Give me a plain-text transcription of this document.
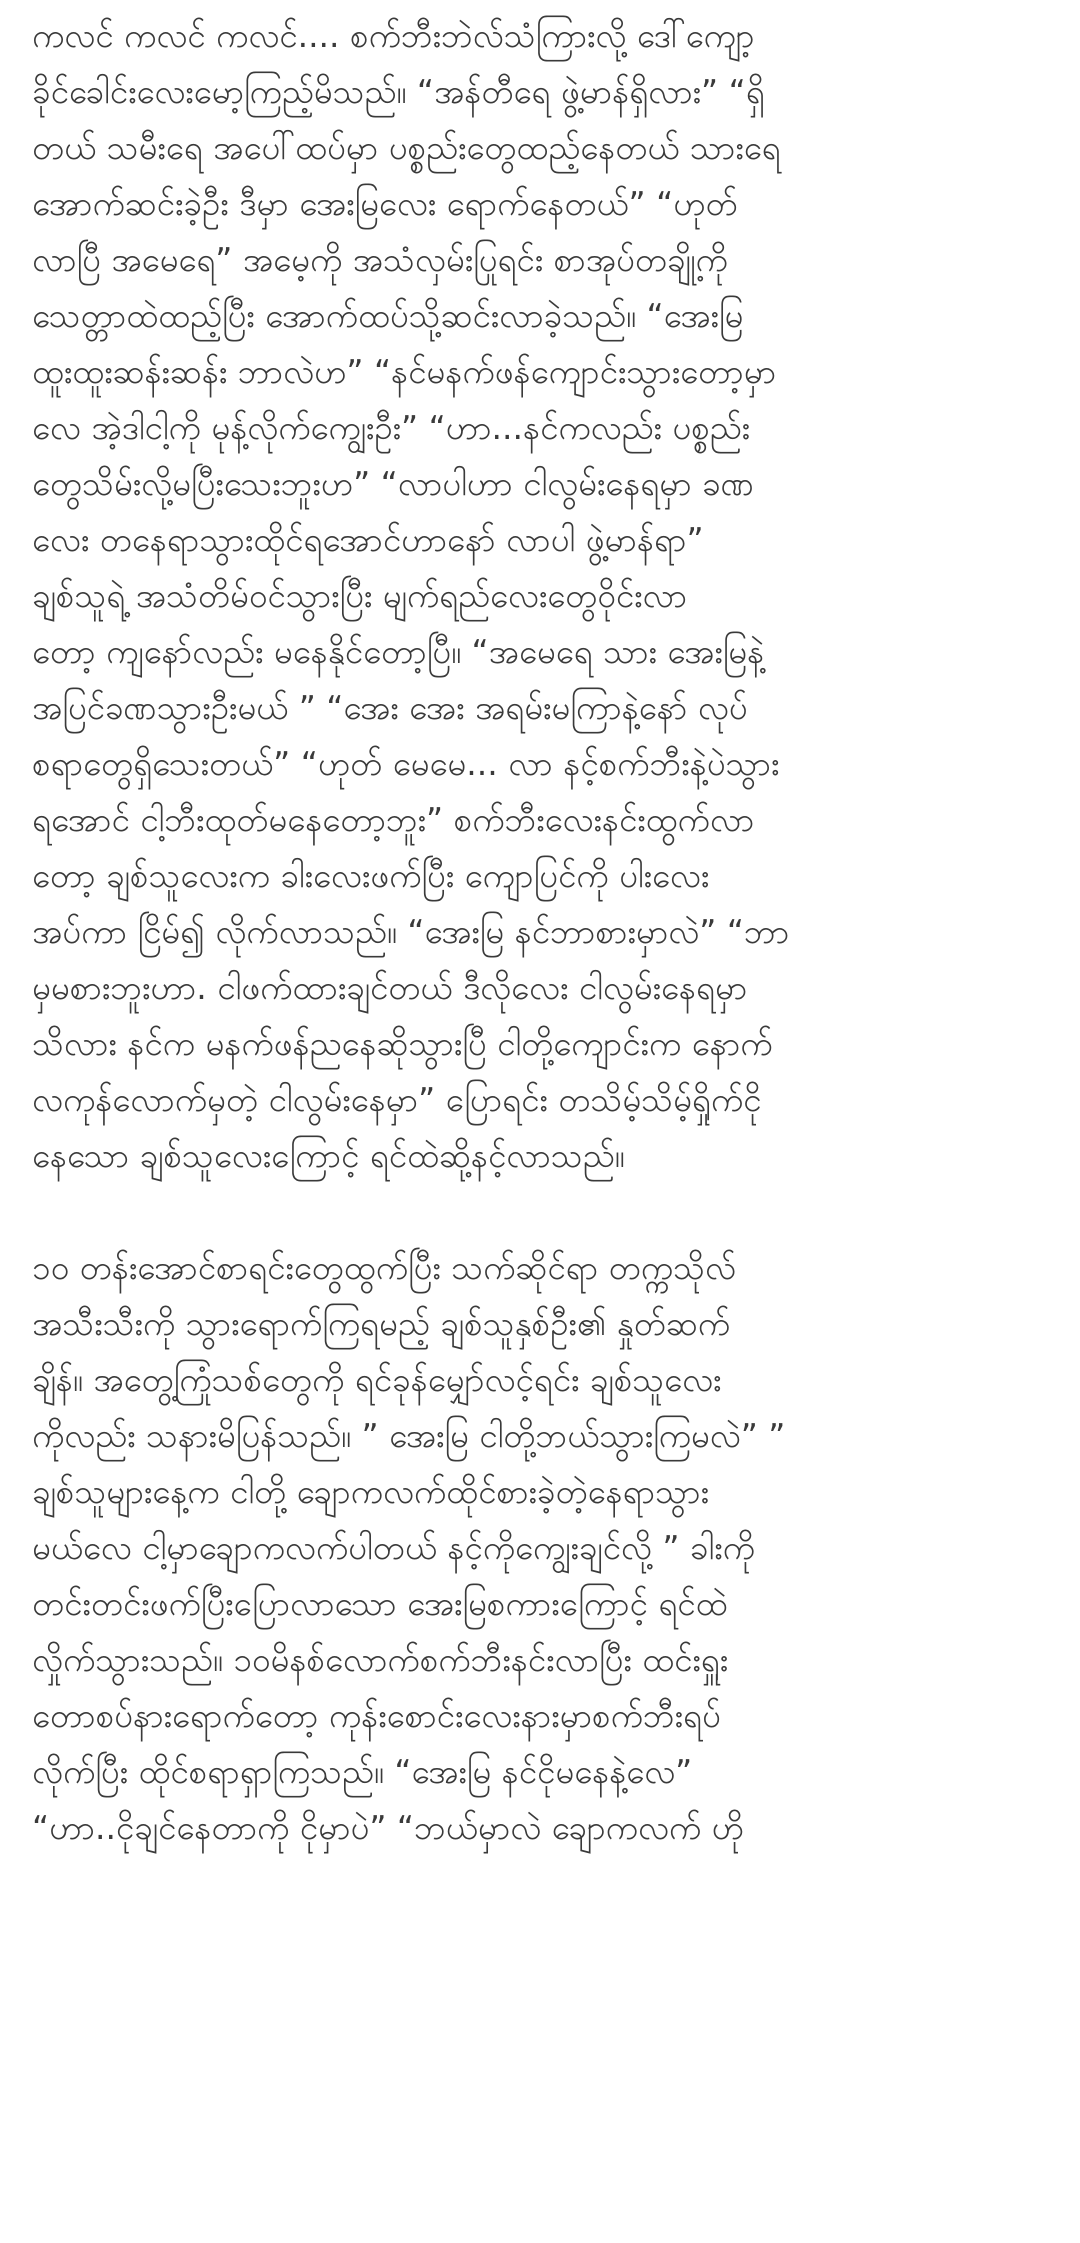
ကလင် ကလင် ကလင်.... စက်ဘီးဘဲလ်သံကြားလို့ ဒေါ်ကျော့
ခိုင်ခေါင်းလေးမော့ကြည့်မိသည်။ “အန်တီရေ ဖွဲ့မာန်ရှိလား” “ရှိ
တယ် သမီးရေ အပေါ်ထပ်မှာ ပစ္စည်းတွေထည့်နေတယ် သားရေ
အောက်ဆင်းခဲ့ဦး ဒီမှာ အေးမြလေး ရောက်နေတယ်” “ဟုတ်
လာပြီ အမေရေ” အမေ့ကို အသံလှမ်းပြုရင်း စာအုပ်တချို့ကို
သေတ္တာထဲထည့်ပြီး အောက်ထပ်သို့ဆင်းလာခဲ့သည်။ “အေးမြ
ထူးထူးဆန်းဆန်း ဘာလဲဟ” “နင်မနက်ဖန်ကျောင်းသွားတော့မှာ
လေ အဲ့ဒါငါ့ကို မုန့်လိုက်ကျွေးဦး” “ဟာ...နင်ကလည်း ပစ္စည်း
တွေသိမ်းလို့မပြီးသေးဘူးဟ” “လာပါဟာ ငါလွမ်းနေရမှာ ခဏ
လေး တနေရာသွားထိုင်ရအောင်ဟာနော် လာပါ ဖွဲ့မာန်ရာ”
ချစ်သူရဲ့ အသံတိမ်ဝင်သွားပြီး မျက်ရည်လေးတွေဝိုင်းလာ
တော့ ကျနော်လည်း မနေနိုင်တော့ပြီ။ “အမေရေ သား အေးမြနဲ့
အပြင်ခဏသွားဦးမယ် ” “အေး အေး အရမ်းမကြာနဲ့နော် လုပ်
စရာတွေရှိသေးတယ်” “ဟုတ် မေမေ... လာ နင့်စက်ဘီးနဲ့ပဲသွား
ရအောင် ငါ့ဘီးထုတ်မနေတော့ဘူး” စက်ဘီးလေးနင်းထွက်လာ
တော့ ချစ်သူလေးက ခါးလေးဖက်ပြီး ကျောပြင်ကို ပါးလေး
အပ်ကာ ငြိမ်၍ လိုက်လာသည်။ “အေးမြ နင်ဘာစားမှာလဲ” “ဘာ
မှမစားဘူးဟာ. ငါဖက်ထားချင်တယ် ဒီလိုလေး ငါလွမ်းနေရမှာ
သိလား နင်က မနက်ဖန်ညနေဆိုသွားပြီ ငါတို့ကျောင်းက နောက်
လကုန်လောက်မှတဲ့ ငါလွမ်းနေမှာ” ပြောရင်း တသိမ့်သိမ့်ရှိုက်ငို
နေသော ချစ်သူလေးကြောင့် ရင်ထဲဆို့နင့်လာသည်။

၁၀ တန်းအောင်စာရင်းတွေထွက်ပြီး သက်ဆိုင်ရာ တက္ကသိုလ်
အသီးသီးကို သွားရောက်ကြရမည့် ချစ်သူနှစ်ဦး၏ နှုတ်ဆက်
ချိန်။ အတွေ့ကြုံသစ်တွေကို ရင်ခုန်မျှော်လင့်ရင်း ချစ်သူလေး
ကိုလည်း သနားမိပြန်သည်။ ” အေးမြ ငါတို့ဘယ်သွားကြမလဲ” ”
ချစ်သူများနေ့က ငါတို့ ချောကလက်ထိုင်စားခဲ့တဲ့နေရာသွား
မယ်လေ ငါ့မှာချောကလက်ပါတယ် နင့်ကိုကျွေးချင်လို့ ” ခါးကို
တင်းတင်းဖက်ပြီးပြောလာသော အေးမြစကားကြောင့် ရင်ထဲ
လှိုက်သွားသည်။ ၁၀မိနစ်လောက်စက်ဘီးနင်းလာပြီး ထင်းရှူး
တောစပ်နားရောက်တော့ ကုန်းစောင်းလေးနားမှာစက်ဘီးရပ်
လိုက်ပြီး ထိုင်စရာရှာကြသည်။ “အေးမြ နင်ငိုမနေနဲ့လေ”
“ဟာ..ငိုချင်နေတာကို ငိုမှာပဲ” “ဘယ်မှာလဲ ချောကလက် ဟို
